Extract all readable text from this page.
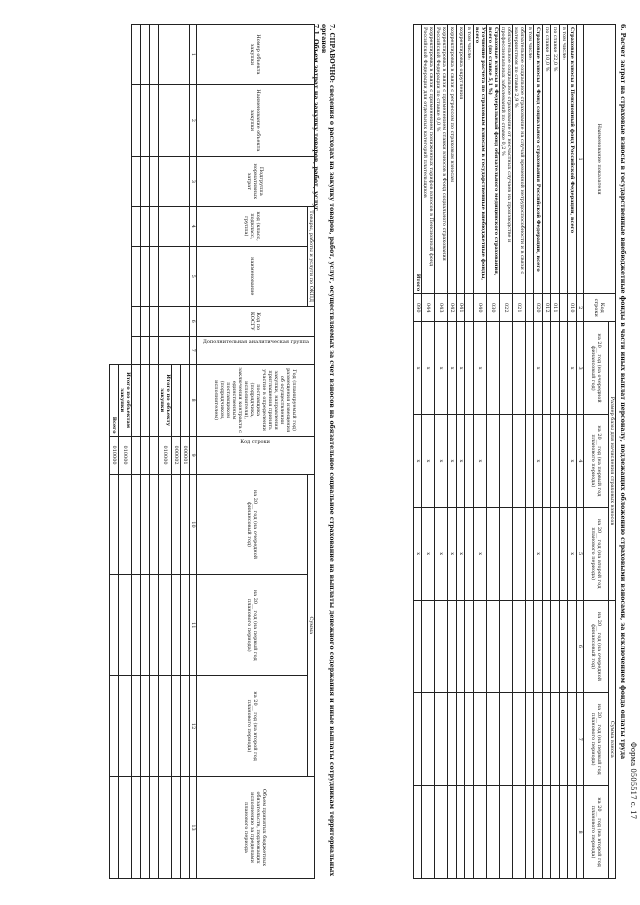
Форма 0505517 с. 17
6. Расчет затрат на страховые взносы в государственные внебюджетные фонды в части иных выплат персоналу, подлежащих обложению страховыми взносами, за исключением фонда оплаты труда
Наименование показателя	Код строки	Размер базы для начисления страховых взносов			Сумма взноса		
		на 20__ год (на очередной финансовый год)	на 20__ год (на первый год планового периода)	на 20__ год (на второй год планового периода)	на 20__ год (на очередной финансовый год)	на 20__ год (на первый год планового периода)	на 20__ год (на второй год планового периода)
1	2	3	4	5	6	7	8
Страховые взносы в Пенсионный фонд Российской Федерации, всего	010	x	x	x			
в том числе:							
по ставке 22,0 %	011						
по ставке 10,0 %	012						
Страховые взносы в Фонд социального страхования Российской Федерации, всего	020	x	x	x			
в том числе:							
обязательное социальное страхование на случай временной нетрудоспособности и в связи с материнством по ставке 2,9 %	021						
обязательное социальное страхование от несчастных случаев на производстве и профессиональных заболеваний по ставке 0,2 %	022						
Страховые взносы в Федеральный фонд обязательного медицинского страхования, всего (по ставке 5,1 %)	030						
Уточнение расчета по страховым взносам в государственные внебюджетные фонды, всего	040	x	x	x			
в том числе:							
корректировка округления	041	x	x	x			
корректировка в связи с регрессом по страховым взносам	042	x	x	x			
корректировка в связи с применением ставки взносов в Фонд социального страхования Российской Федерации по ставке 0,0 %	043	x	x	x			
корректировка в связи с применением пониженных тарифов взносов в Пенсионный фонд Российской Федерации для отдельных категорий плательщиков	044	x	x	x			
Итого	090	x	x	x			
7. СПРАВОЧНО: сведения о расходах на закупку товаров, работ, услуг, осуществляемых за счет взносов на обязательное социальное страхование на выплаты денежного содержания и иные выплаты сотрудникам территориальных органов
7.1. Объем затрат на закупку товаров, работ, услуг
Номер объекта закупки	Наименование объекта закупки	Подгруппа нормативных затрат	Товары, работы и услуги по ОКПД		Код по КОСГУ	Дополнительная аналитическая группа	Год (планируемый год) размещения извещения об осуществлении закупки, направления приглашения принять участие в определении поставщика (подрядчика, исполнителя), заключения контракта с единственным поставщиком (подрядчиком, исполнителем)	Код строки	Сумма			Объем принятых бюджетных обязательств, подлежащих исполнению за пределами планового периода
			код (класс, подкласс, группа)	наименование					на 20__ год (на очередной финансовый год)	на 20__ год (на первый год планового периода)	на 20__ год (на второй год планового периода)	

1	2	3	4	5	6	7	8	9	10	11	12	13
								000001				
								000002				
							Итого по объекту закупки	010000				

							Итого по объектам закупки	010000				
							Всего	010000				
